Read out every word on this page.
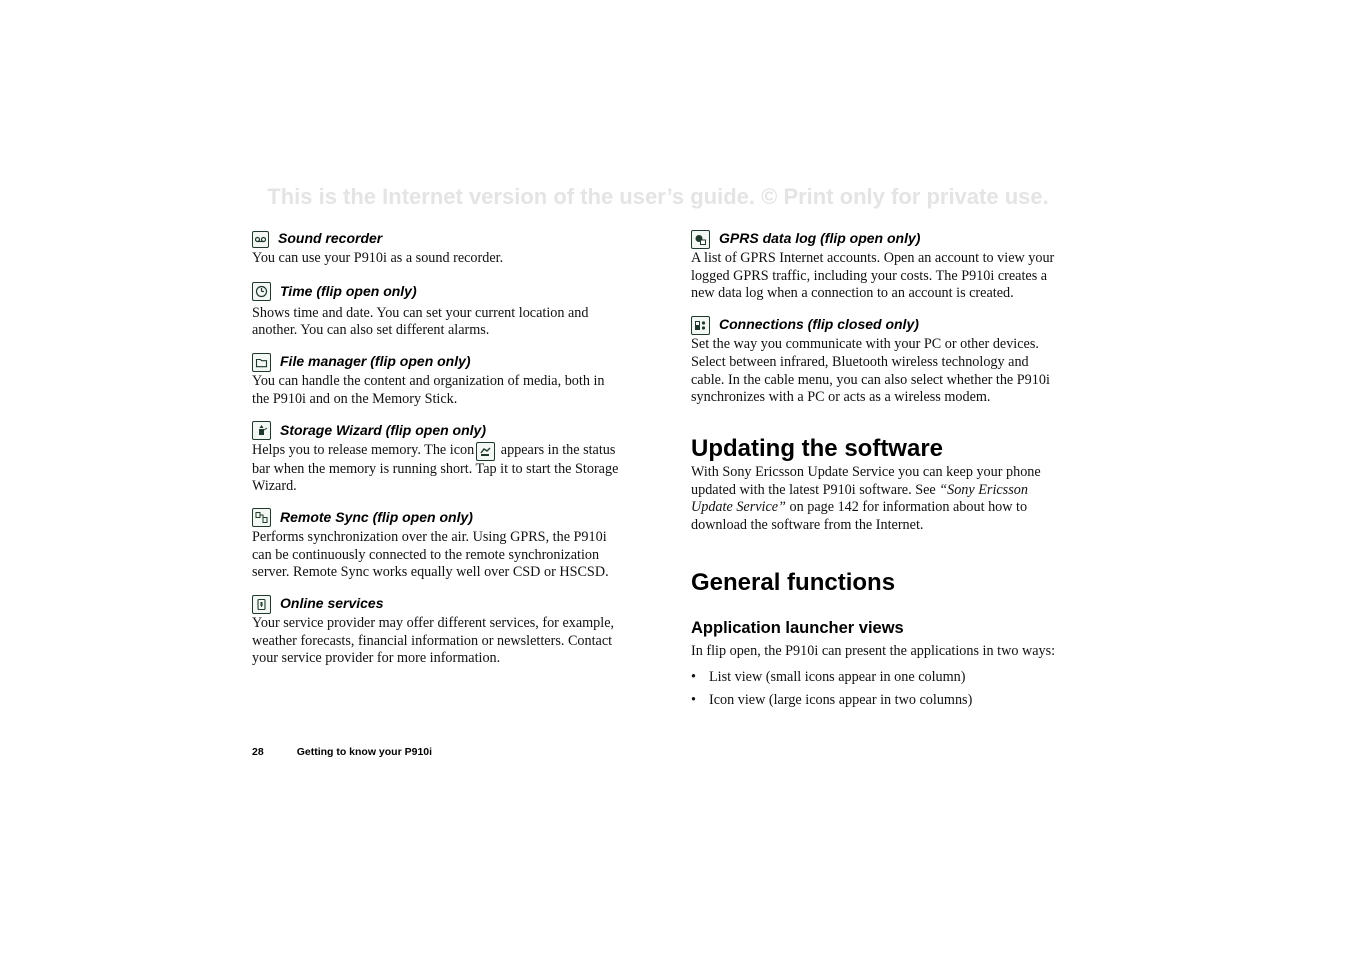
This is the Internet version of the user’s guide. © Print only for private use.
Sound recorder

You can use your P910i as a sound recorder.

Time (flip open only)

Shows time and date. You can set your current location and another. You can also set different alarms.

File manager (flip open only)

You can handle the content and organization of media, both in the P910i and on the Memory Stick.

Storage Wizard (flip open only)

Helps you to release memory. The icon appears in the status bar when the memory is running short. Tap it to start the Storage Wizard.

Remote Sync (flip open only)

Performs synchronization over the air. Using GPRS, the P910i can be continuously connected to the remote synchronization server. Remote Sync works equally well over CSD or HSCSD.

Online services

Your service provider may offer different services, for example, weather forecasts, financial information or newsletters. Contact your service provider for more information.

GPRS data log (flip open only)

A list of GPRS Internet accounts. Open an account to view your logged GPRS traffic, including your costs. The P910i creates a new data log when a connection to an account is created.

Connections (flip closed only)

Set the way you communicate with your PC or other devices. Select between infrared, Bluetooth wireless technology and cable. In the cable menu, you can also select whether the P910i synchronizes with a PC or acts as a wireless modem.

Updating the software

With Sony Ericsson Update Service you can keep your phone updated with the latest P910i software. See “Sony Ericsson Update Service” on page 142 for information about how to download the software from the Internet.

General functions
Application launcher views

In flip open, the P910i can present the applications in two ways:

• List view (small icons appear in one column)
• Icon view (large icons appear in two columns)
28	Getting to know your P910i
